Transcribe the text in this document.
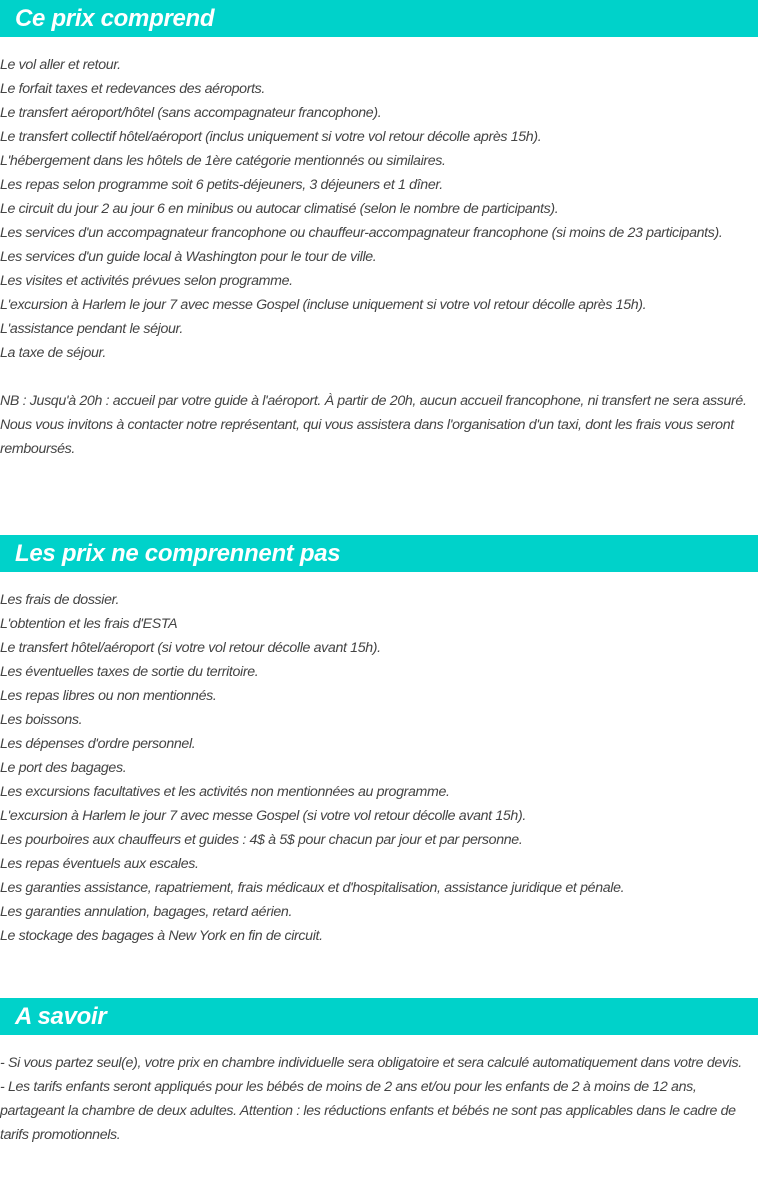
Ce prix comprend
Le vol aller et retour.
Le forfait taxes et redevances des aéroports.
Le transfert aéroport/hôtel (sans accompagnateur francophone).
Le transfert collectif hôtel/aéroport (inclus uniquement si votre vol retour décolle après 15h).
L'hébergement dans les hôtels de 1ère catégorie mentionnés ou similaires.
Les repas selon programme soit 6 petits-déjeuners, 3 déjeuners et 1 dîner.
Le circuit du jour 2 au jour 6 en minibus ou autocar climatisé (selon le nombre de participants).
Les services d'un accompagnateur francophone ou chauffeur-accompagnateur francophone (si moins de 23 participants).
Les services d'un guide local à Washington pour le tour de ville.
Les visites et activités prévues selon programme.
L'excursion à Harlem le jour 7 avec messe Gospel (incluse uniquement si votre vol retour décolle après 15h).
L'assistance pendant le séjour.
La taxe de séjour.
NB : Jusqu'à 20h : accueil par votre guide à l'aéroport. À partir de 20h, aucun accueil francophone, ni transfert ne sera assuré. Nous vous invitons à contacter notre représentant, qui vous assistera dans l'organisation d'un taxi, dont les frais vous seront remboursés.
Les prix ne comprennent pas
Les frais de dossier.
L'obtention et les frais d'ESTA
Le transfert hôtel/aéroport (si votre vol retour décolle avant 15h).
Les éventuelles taxes de sortie du territoire.
Les repas libres ou non mentionnés.
Les boissons.
Les dépenses d'ordre personnel.
Le port des bagages.
Les excursions facultatives et les activités non mentionnées au programme.
L'excursion à Harlem le jour 7 avec messe Gospel (si votre vol retour décolle avant 15h).
Les pourboires aux chauffeurs et guides : 4$ à 5$ pour chacun par jour et par personne.
Les repas éventuels aux escales.
Les garanties assistance, rapatriement, frais médicaux et d'hospitalisation, assistance juridique et pénale.
Les garanties annulation, bagages, retard aérien.
Le stockage des bagages à New York en fin de circuit.
A savoir
- Si vous partez seul(e), votre prix en chambre individuelle sera obligatoire et sera calculé automatiquement dans votre devis.
- Les tarifs enfants seront appliqués pour les bébés de moins de 2 ans et/ou pour les enfants de 2 à moins de 12 ans, partageant la chambre de deux adultes. Attention : les réductions enfants et bébés ne sont pas applicables dans le cadre de tarifs promotionnels.
